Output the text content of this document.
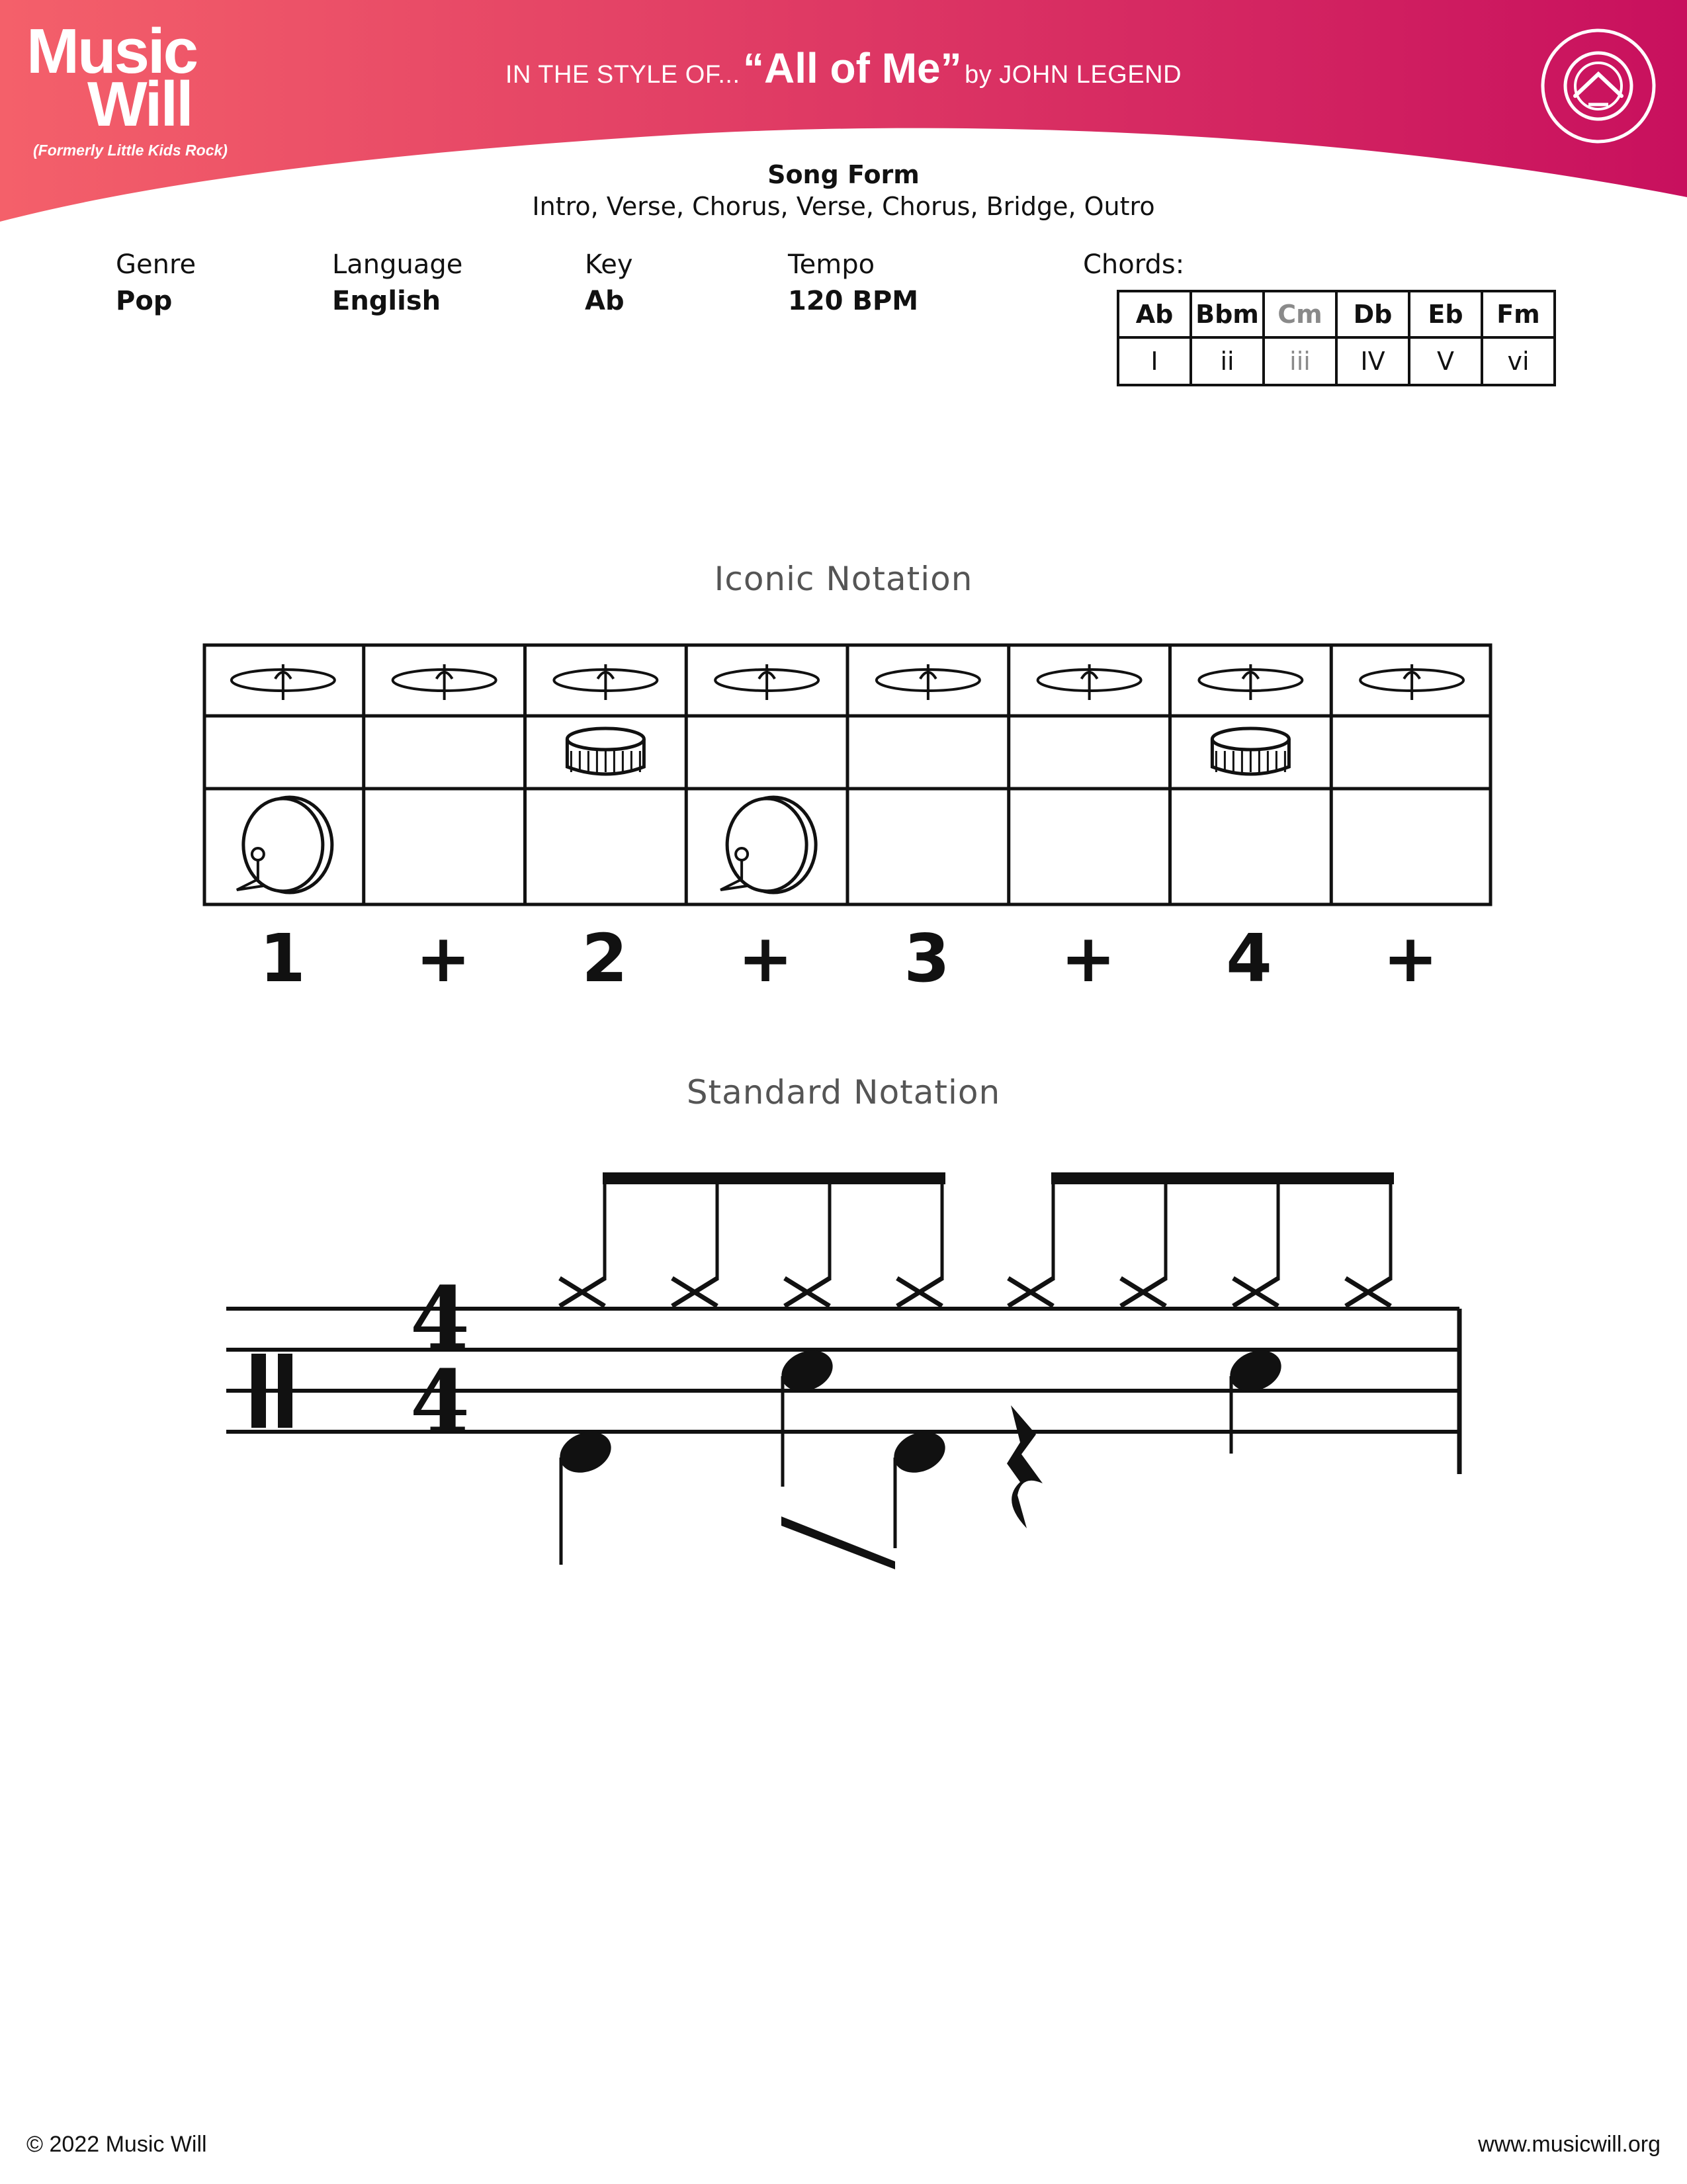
Music
Will
(Formerly Little Kids Rock)
IN THE STYLE OF... “All of Me” by JOHN LEGEND
Song Form
Intro, Verse, Chorus, Verse, Chorus, Bridge, Outro
Genre
Pop
Language
English
Key
Ab
Tempo
120 BPM
Chords:
Ab	Bbm	Cm	Db	Eb	Fm
I	ii	iii	IV	V	vi
Iconic Notation
1 + 2 + 3 + 4 +
Standard Notation
4
4
© 2022 Music Will	www.musicwill.org
